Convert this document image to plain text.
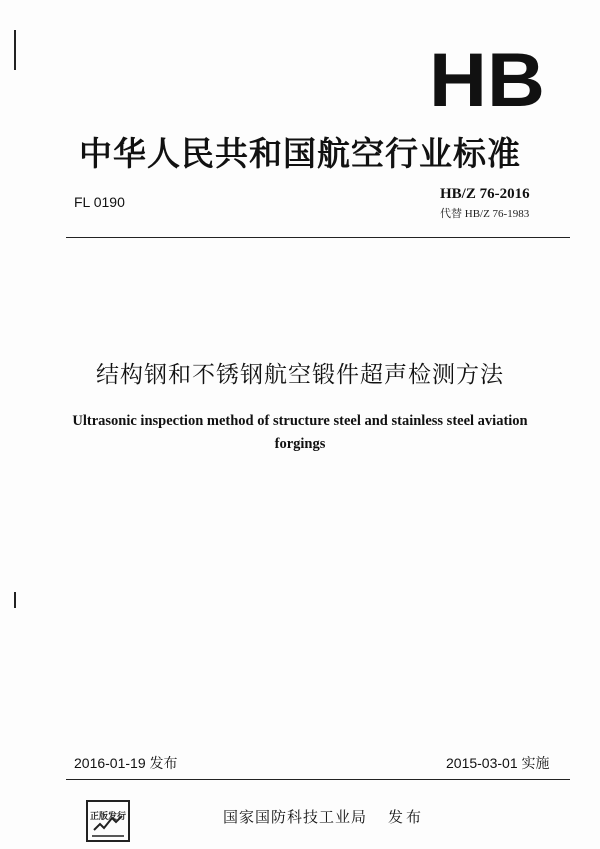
HB
中华人民共和国航空行业标准
FL 0190	HB/Z 76-2016
代替 HB/Z 76-1983
结构钢和不锈钢航空锻件超声检测方法
Ultrasonic inspection method of structure steel and stainless steel aviation forgings
2016-01-19 发布	2015-03-01 实施
正版发行	国家国防科技工业局 发布
